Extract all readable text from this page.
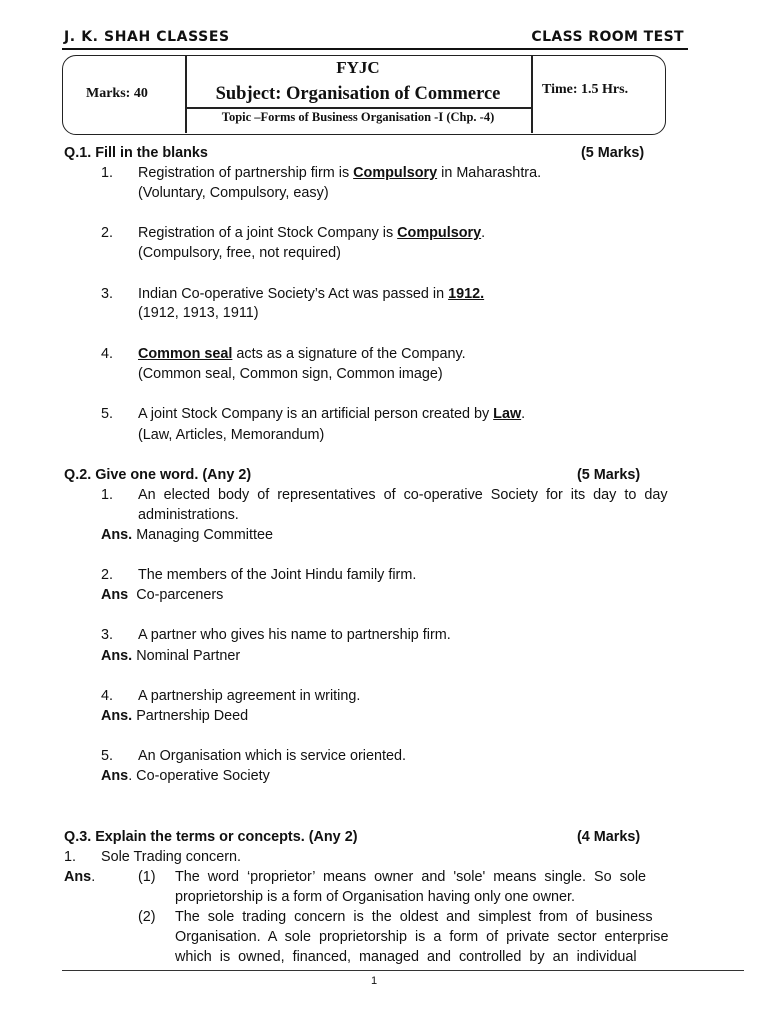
J. K. SHAH CLASSES	CLASS ROOM TEST
Marks: 40
FYJC
Subject: Organisation of Commerce
Topic –Forms of Business Organisation -I (Chp. -4)
Time: 1.5 Hrs.
Q.1. Fill in the blanks	(5 Marks)
1. Registration of partnership firm is Compulsory in Maharashtra.
(Voluntary, Compulsory, easy)
2. Registration of a joint Stock Company is Compulsory.
(Compulsory, free, not required)
3. Indian Co-operative Society’s Act was passed in 1912.
(1912, 1913, 1911)
4. Common seal acts as a signature of the Company.
(Common seal, Common sign, Common image)
5. A joint Stock Company is an artificial person created by Law.
(Law, Articles, Memorandum)
Q.2. Give one word. (Any 2)	(5 Marks)
1. An  elected  body  of  representatives  of  co-operative  Society  for  its  day  to  day
administrations.
Ans. Managing Committee
2. The members of the Joint Hindu family firm.
Ans Co-parceners
3. A partner who gives his name to partnership firm.
Ans. Nominal Partner
4. A partnership agreement in writing.
Ans. Partnership Deed
5. An Organisation which is service oriented.
Ans. Co-operative Society
Q.3. Explain the terms or concepts. (Any 2)	(4 Marks)
1. Sole Trading concern.
Ans.	(1) The  word  ‘proprietor’  means  owner  and  'sole'  means  single.  So  sole
proprietorship is a form of Organisation having only one owner.
(2) The  sole  trading  concern  is  the  oldest  and  simplest  from  of  business
Organisation.  A  sole  proprietorship  is  a  form  of  private  sector  enterprise
which  is  owned,  financed,  managed  and  controlled  by  an  individual
1
